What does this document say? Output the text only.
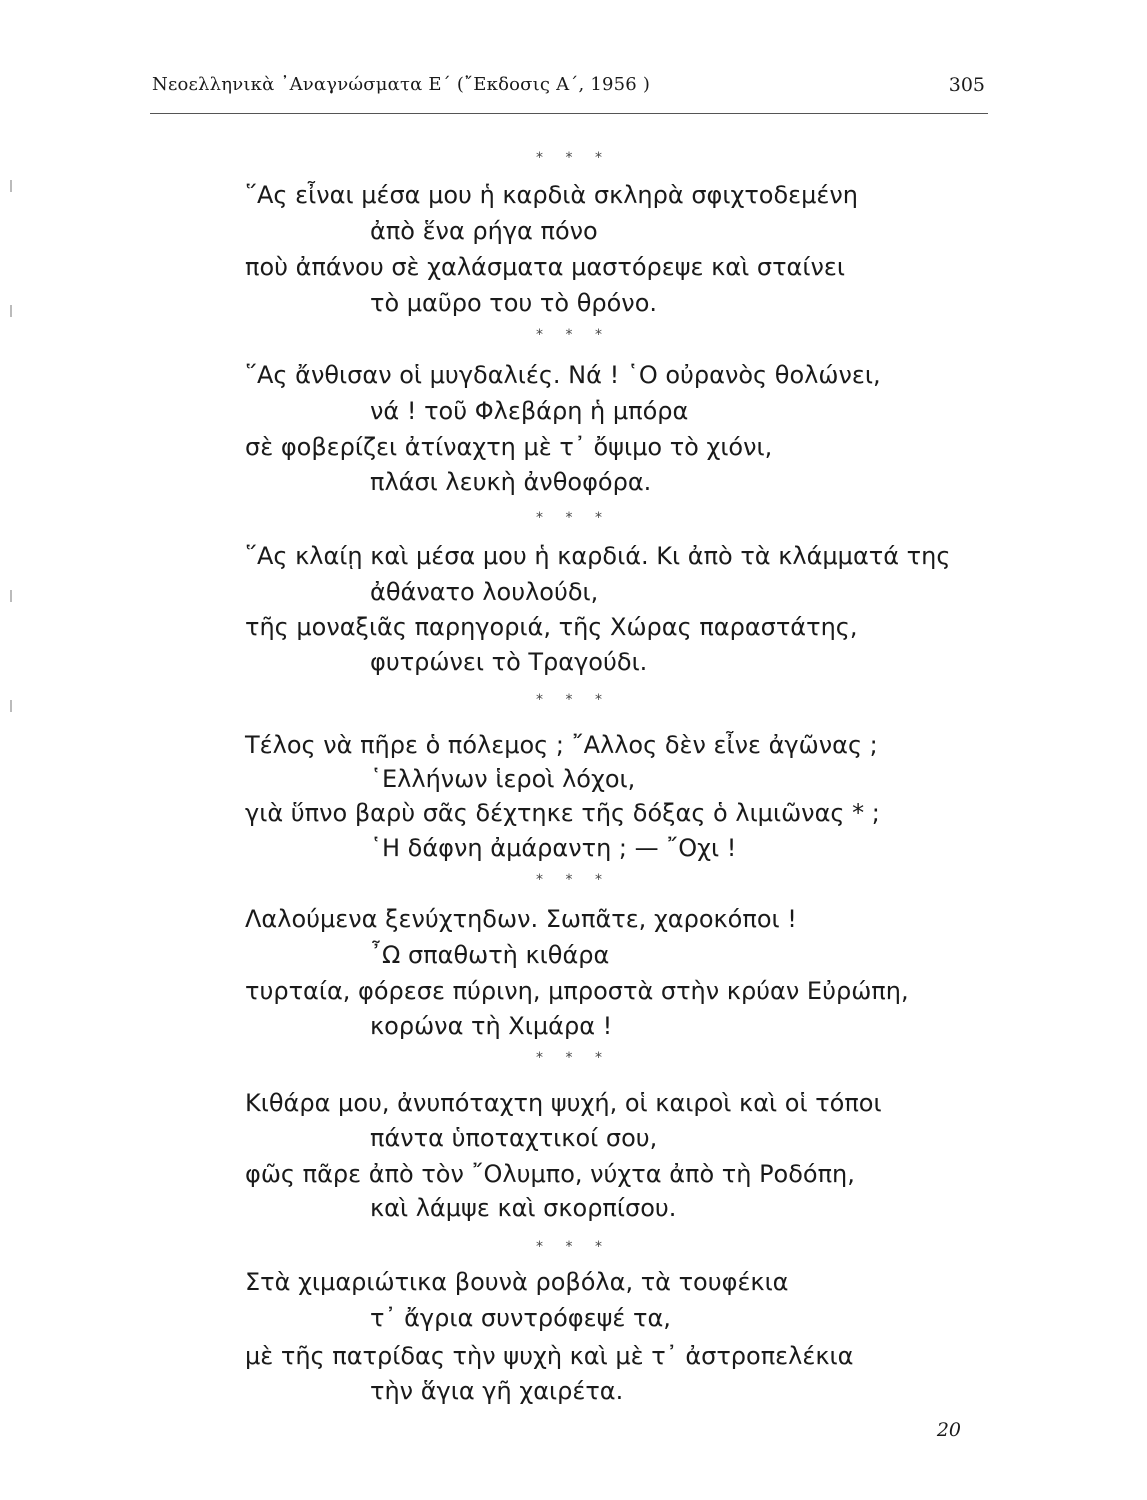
Νεοελληνικὰ ᾿Αναγνώσματα Ε΄ (῎Εκδοσις Α΄, 1956 )	305
* * *
῞Ας εἶναι μέσα μου ἡ καρδιὰ σκληρὰ σφιχτοδεμένη
ἀπὸ ἕνα ρήγα πόνο
ποὺ ἀπάνου σὲ χαλάσματα μαστόρεψε καὶ σταίνει
τὸ μαῦρο του τὸ θρόνο.
* * *
῞Ας ἄνθισαν οἱ μυγδαλιές. Νά ! ῾Ο οὐρανὸς θολώνει,
νά ! τοῦ Φλεβάρη ἡ μπόρα
σὲ φοβερίζει ἀτίναχτη μὲ τ᾿ ὄψιμο τὸ χιόνι,
πλάσι λευκὴ ἀνθοφόρα.
* * *
῞Ας κλαίῃ καὶ μέσα μου ἡ καρδιά. Κι ἀπὸ τὰ κλάμματά της
ἀθάνατο λουλούδι,
τῆς μοναξιᾶς παρηγοριά, τῆς Χώρας παραστάτης,
φυτρώνει τὸ Τραγούδι.
* * *
Τέλος νὰ πῆρε ὁ πόλεμος ; ῎Αλλος δὲν εἶνε ἀγῶνας ;
῾Ελλήνων ἱεροὶ λόχοι,
γιὰ ὕπνο βαρὺ σᾶς δέχτηκε τῆς δόξας ὁ λιμιῶνας * ;
῾Η δάφνη ἀμάραντη ; — ῎Οχι !
* * *
Λαλούμενα ξενύχτηδων. Σωπᾶτε, χαροκόποι !
῏Ω σπαθωτὴ κιθάρα
τυρταία, φόρεσε πύρινη, μπροστὰ στὴν κρύαν Εὐρώπη,
κορώνα τὴ Χιμάρα !
* * *
Κιθάρα μου, ἀνυπόταχτη ψυχή, οἱ καιροὶ καὶ οἱ τόποι
πάντα ὑποταχτικοί σου,
φῶς πᾶρε ἀπὸ τὸν ῎Ολυμπο, νύχτα ἀπὸ τὴ Ροδόπη,
καὶ λάμψε καὶ σκορπίσου.
* * *
Στὰ χιμαριώτικα βουνὰ ροβόλα, τὰ τουφέκια
τ᾿ ἄγρια συντρόφεψέ τα,
μὲ τῆς πατρίδας τὴν ψυχὴ καὶ μὲ τ᾿ ἀστροπελέκια
τὴν ἅγια γῆ χαιρέτα.
20
